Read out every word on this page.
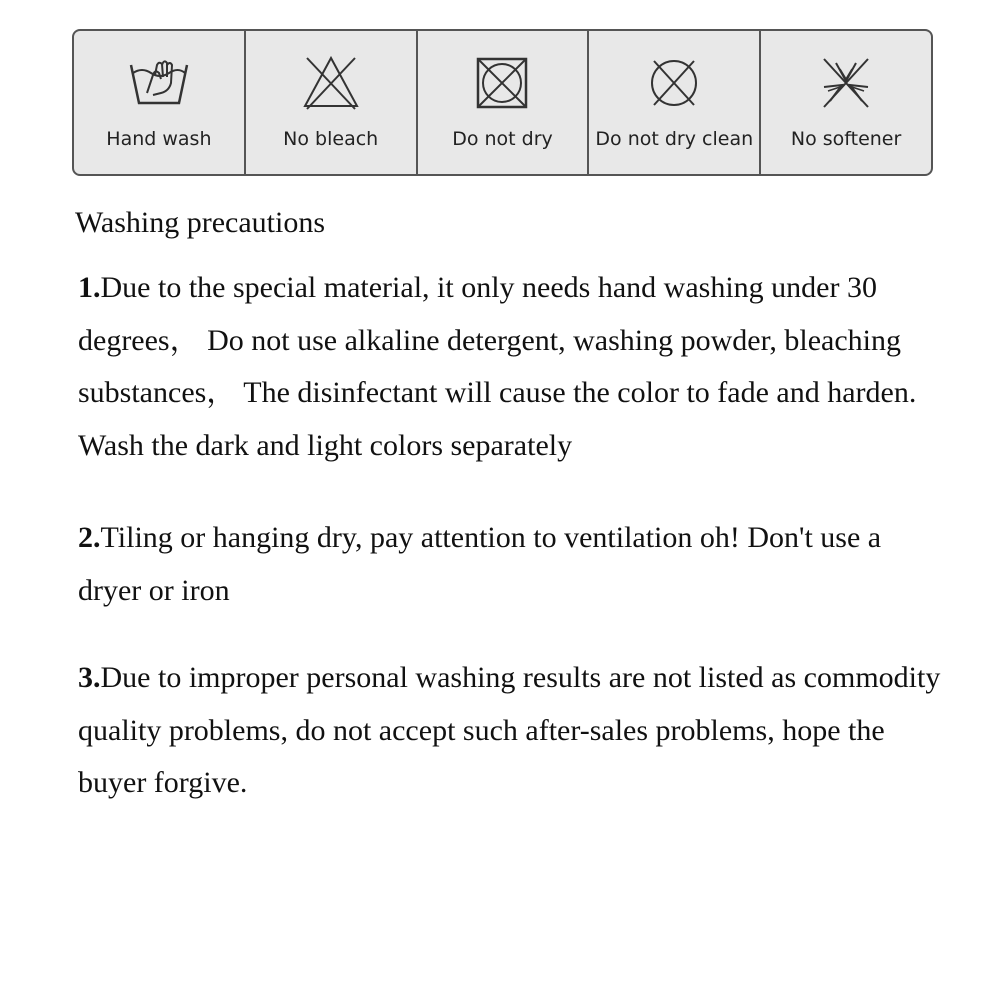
Hand wash	No bleach	Do not dry	Do not dry clean	No softener
Washing precautions

1.Due to the special material, it only needs hand washing under 30 degrees， Do not use alkaline detergent, washing powder, bleaching substances， The disinfectant will cause the color to fade and harden. Wash the dark and light colors separately

2.Tiling or hanging dry, pay attention to ventilation oh! Don't use a dryer or iron

3.Due to improper personal washing results are not listed as commodity quality problems, do not accept such after-sales problems, hope the buyer forgive.
